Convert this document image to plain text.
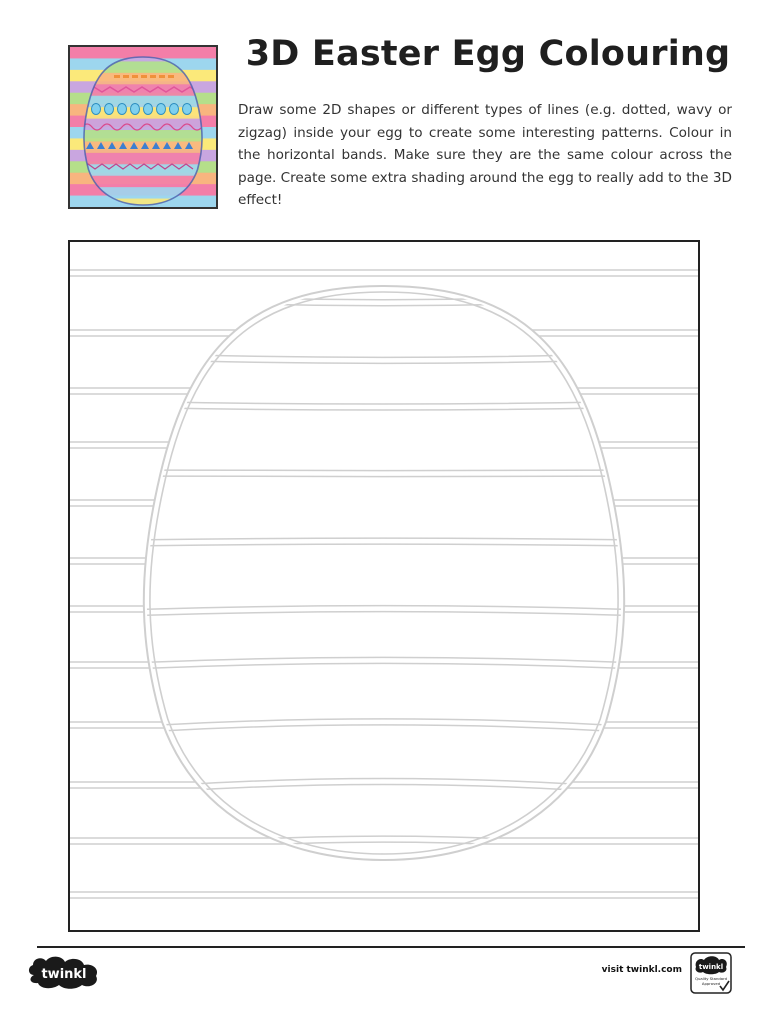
3D Easter Egg Colouring

Draw some 2D shapes or different types of lines (e.g. dotted, wavy or zigzag) inside your egg to create some interesting patterns. Colour in the horizontal bands. Make sure they are the same colour across the page. Create some extra shading around the egg to really add to the 3D effect!

twinkl	visit twinkl.com twinkl
Quality Standard
Approved
